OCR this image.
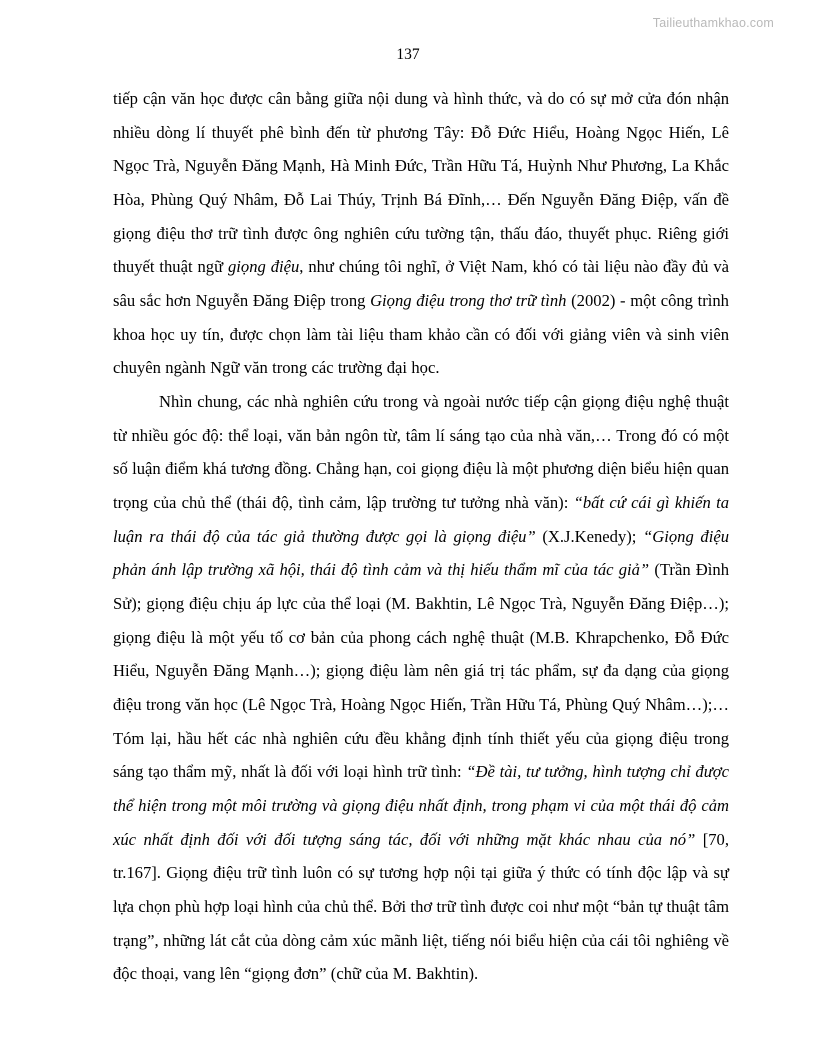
Tailieuthamkhao.com
137

tiếp cận văn học được cân bằng giữa nội dung và hình thức, và do có sự mở cửa đón nhận nhiều dòng lí thuyết phê bình đến từ phương Tây: Đỗ Đức Hiểu, Hoàng Ngọc Hiến, Lê Ngọc Trà, Nguyễn Đăng Mạnh, Hà Minh Đức, Trần Hữu Tá, Huỳnh Như Phương, La Khắc Hòa, Phùng Quý Nhâm, Đỗ Lai Thúy, Trịnh Bá Đĩnh,… Đến Nguyễn Đăng Điệp, vấn đề giọng điệu thơ trữ tình được ông nghiên cứu tường tận, thấu đáo, thuyết phục. Riêng giới thuyết thuật ngữ giọng điệu, như chúng tôi nghĩ, ở Việt Nam, khó có tài liệu nào đầy đủ và sâu sắc hơn Nguyễn Đăng Điệp trong Giọng điệu trong thơ trữ tình (2002) - một công trình khoa học uy tín, được chọn làm tài liệu tham khảo cần có đối với giảng viên và sinh viên chuyên ngành Ngữ văn trong các trường đại học.

Nhìn chung, các nhà nghiên cứu trong và ngoài nước tiếp cận giọng điệu nghệ thuật từ nhiều góc độ: thể loại, văn bản ngôn từ, tâm lí sáng tạo của nhà văn,… Trong đó có một số luận điểm khá tương đồng. Chẳng hạn, coi giọng điệu là một phương diện biểu hiện quan trọng của chủ thể (thái độ, tình cảm, lập trường tư tưởng nhà văn): “bất cứ cái gì khiến ta luận ra thái độ của tác giả thường được gọi là giọng điệu” (X.J.Kenedy); “Giọng điệu phản ánh lập trường xã hội, thái độ tình cảm và thị hiếu thẩm mĩ của tác giả” (Trần Đình Sử); giọng điệu chịu áp lực của thể loại (M. Bakhtin, Lê Ngọc Trà, Nguyễn Đăng Điệp…); giọng điệu là một yếu tố cơ bản của phong cách nghệ thuật (M.B. Khrapchenko, Đỗ Đức Hiểu, Nguyễn Đăng Mạnh…); giọng điệu làm nên giá trị tác phẩm, sự đa dạng của giọng điệu trong văn học (Lê Ngọc Trà, Hoàng Ngọc Hiến, Trần Hữu Tá, Phùng Quý Nhâm…);… Tóm lại, hầu hết các nhà nghiên cứu đều khẳng định tính thiết yếu của giọng điệu trong sáng tạo thẩm mỹ, nhất là đối với loại hình trữ tình: “Đề tài, tư tưởng, hình tượng chỉ được thể hiện trong một môi trường và giọng điệu nhất định, trong phạm vi của một thái độ cảm xúc nhất định đối với đối tượng sáng tác, đối với những mặt khác nhau của nó” [70, tr.167]. Giọng điệu trữ tình luôn có sự tương hợp nội tại giữa ý thức có tính độc lập và sự lựa chọn phù hợp loại hình của chủ thể. Bởi thơ trữ tình được coi như một “bản tự thuật tâm trạng”, những lát cắt của dòng cảm xúc mãnh liệt, tiếng nói biểu hiện của cái tôi nghiêng về độc thoại, vang lên “giọng đơn” (chữ của M. Bakhtin).
